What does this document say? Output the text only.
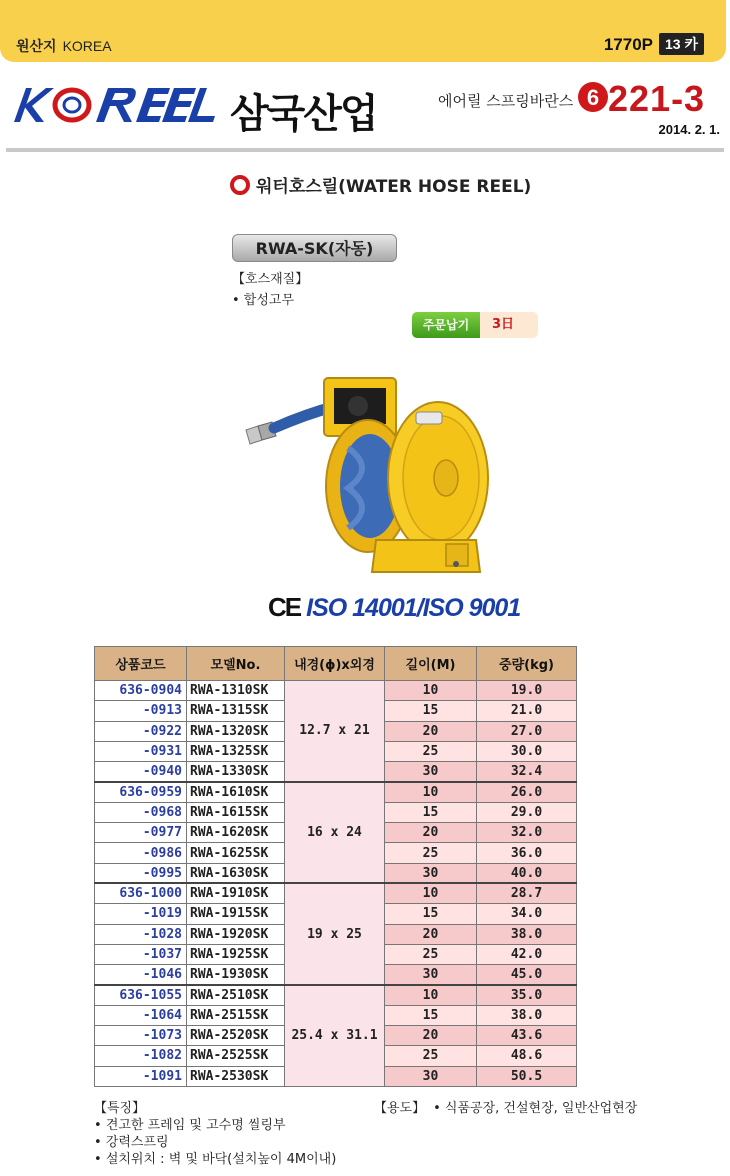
원산지 KOREA	1770P 13 카
삼국산업	에어릴 스프링바란스 6 221-3
2014. 2. 1.
워터호스릴(WATER HOSE REEL)
RWA-SK(자동)
【호스재질】
• 합성고무
주문납기	3日
CE ISO 14001/ISO 9001
상품코드	모델No.	내경(ϕ)x외경	길이(M)	중량(kg)
636-0904	RWA-1310SK	12.7 x 21	10	19.0
-0913	RWA-1315SK		15	21.0
-0922	RWA-1320SK		20	27.0
-0931	RWA-1325SK		25	30.0
-0940	RWA-1330SK		30	32.4
636-0959	RWA-1610SK	16 x 24	10	26.0
-0968	RWA-1615SK		15	29.0
-0977	RWA-1620SK		20	32.0
-0986	RWA-1625SK		25	36.0
-0995	RWA-1630SK		30	40.0
636-1000	RWA-1910SK	19 x 25	10	28.7
-1019	RWA-1915SK		15	34.0
-1028	RWA-1920SK		20	38.0
-1037	RWA-1925SK		25	42.0
-1046	RWA-1930SK		30	45.0
636-1055	RWA-2510SK	25.4 x 31.1	10	35.0
-1064	RWA-2515SK		15	38.0
-1073	RWA-2520SK		20	43.6
-1082	RWA-2525SK		25	48.6
-1091	RWA-2530SK		30	50.5
【특징】
• 견고한 프레임 및 고수명 씰링부
• 강력스프링
• 설치위치 : 벽 및 바닥(설치높이 4M이내)
【용도】 • 식품공장, 건설현장, 일반산업현장
